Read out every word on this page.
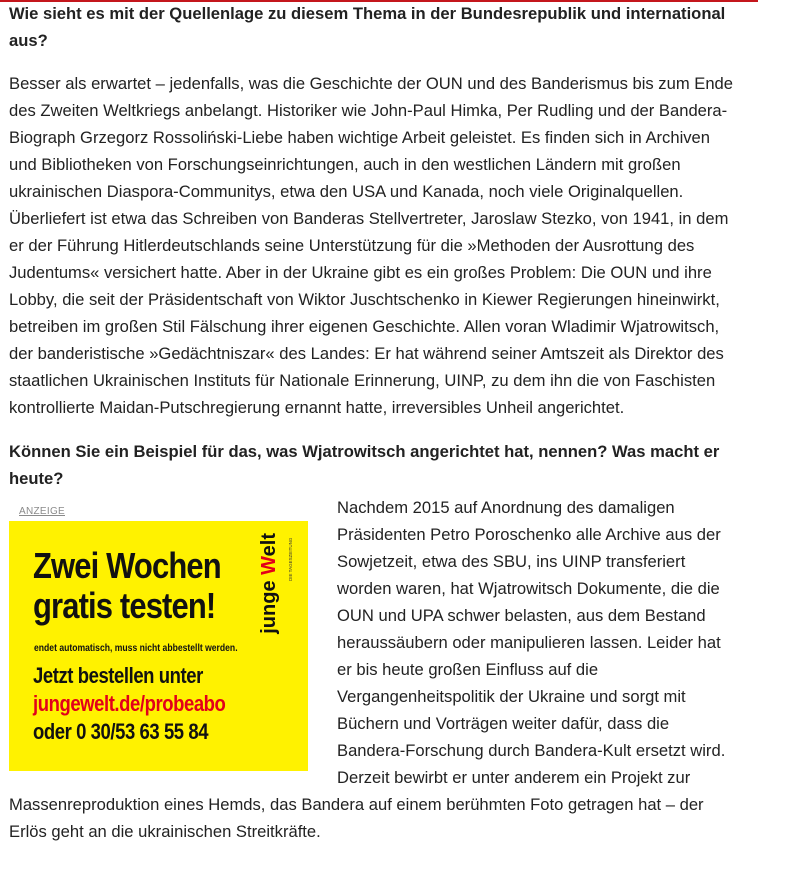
Wie sieht es mit der Quellenlage zu diesem Thema in der Bundesrepublik und international aus?

Besser als erwartet – jedenfalls, was die Geschichte der OUN und des Banderismus bis zum Ende des Zweiten Weltkriegs anbelangt. Historiker wie John-Paul Himka, Per Rudling und der Bandera-Biograph Grzegorz Rossoliński-Liebe haben wichtige Arbeit geleistet. Es finden sich in Archiven und Bibliotheken von Forschungseinrichtungen, auch in den westlichen Ländern mit großen ukrainischen Diaspora-Communitys, etwa den USA und Kanada, noch viele Originalquellen. Überliefert ist etwa das Schreiben von Banderas Stellvertreter, Jaroslaw Stezko, von 1941, in dem er der Führung Hitlerdeutschlands seine Unterstützung für die »Methoden der Ausrottung des Judentums« versichert hatte. Aber in der Ukraine gibt es ein großes Problem: Die OUN und ihre Lobby, die seit der Präsidentschaft von Wiktor Juschtschenko in Kiewer Regierungen hineinwirkt, betreiben im großen Stil Fälschung ihrer eigenen Geschichte. Allen voran Wladimir Wjatrowitsch, der banderistische »Gedächtniszar« des Landes: Er hat während seiner Amtszeit als Direktor des staatlichen Ukrainischen Instituts für Nationale Erinnerung, UINP, zu dem ihn die von Faschisten kontrollierte Maidan-Putschregierung ernannt hatte, irreversibles Unheil angerichtet.

Können Sie ein Beispiel für das, was Wjatrowitsch angerichtet hat, nennen? Was macht er heute?

ANZEIGE
Zwei Wochen
gratis testen!
endet automatisch, muss nicht abbestellt werden.
Jetzt bestellen unter
jungewelt.de/probeabo
oder 0 30/53 63 55 84
junge Welt	DIE TAGESZEITUNG

Nachdem 2015 auf Anordnung des damaligen Präsidenten Petro Poroschenko alle Archive aus der Sowjetzeit, etwa des SBU, ins UINP transferiert worden waren, hat Wjatrowitsch Dokumente, die die OUN und UPA schwer belasten, aus dem Bestand heraussäubern oder manipulieren lassen. Leider hat er bis heute großen Einfluss auf die Vergangenheitspolitik der Ukraine und sorgt mit Büchern und Vorträgen weiter dafür, dass die Bandera-Forschung durch Bandera-Kult ersetzt wird. Derzeit bewirbt er unter anderem ein Projekt zur Massenreproduktion eines Hemds, das Bandera auf einem berühmten Foto getragen hat – der Erlös geht an die ukrainischen Streitkräfte.
